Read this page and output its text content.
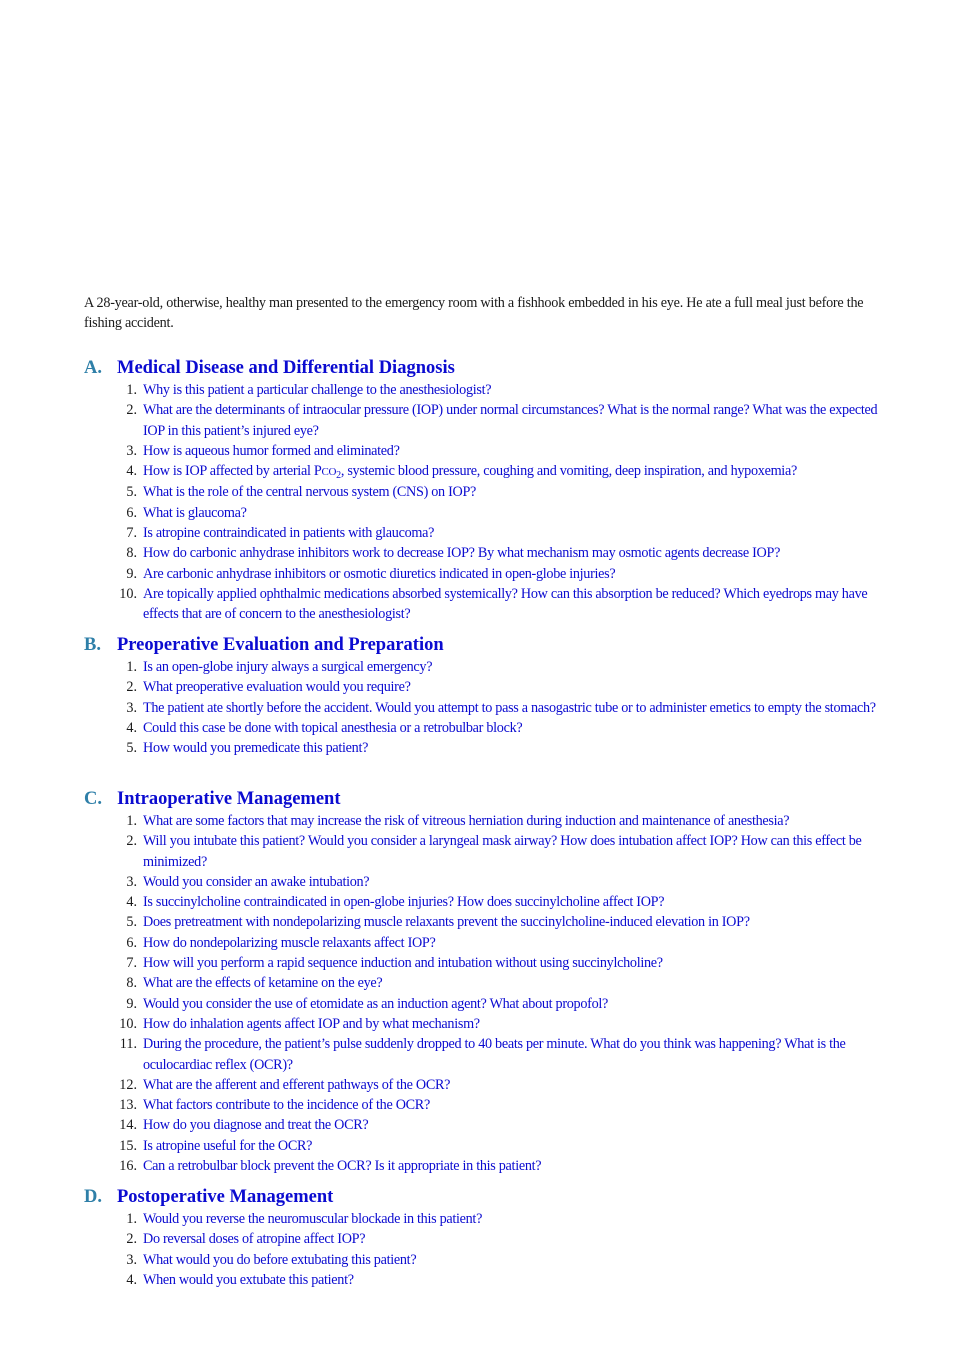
A 28-year-old, otherwise, healthy man presented to the emergency room with a fishhook embedded in his eye. He ate a full meal just before the fishing accident.

A. Medical Disease and Differential Diagnosis
1. Why is this patient a particular challenge to the anesthesiologist?
2. What are the determinants of intraocular pressure (IOP) under normal circumstances? What is the normal range? What was the expected IOP in this patient’s injured eye?
3. How is aqueous humor formed and eliminated?
4. How is IOP affected by arterial $PCO_2$, systemic blood pressure, coughing and vomiting, deep inspiration, and hypoxemia?
5. What is the role of the central nervous system (CNS) on IOP?
6. What is glaucoma?
7. Is atropine contraindicated in patients with glaucoma?
8. How do carbonic anhydrase inhibitors work to decrease IOP? By what mechanism may osmotic agents decrease IOP?
9. Are carbonic anhydrase inhibitors or osmotic diuretics indicated in open-globe injuries?
10. Are topically applied ophthalmic medications absorbed systemically? How can this absorption be reduced? Which eyedrops may have effects that are of concern to the anesthesiologist?
B. Preoperative Evaluation and Preparation
1. Is an open-globe injury always a surgical emergency?
2. What preoperative evaluation would you require?
3. The patient ate shortly before the accident. Would you attempt to pass a nasogastric tube or to administer emetics to empty the stomach?
4. Could this case be done with topical anesthesia or a retrobulbar block?
5. How would you premedicate this patient?
C. Intraoperative Management
1. What are some factors that may increase the risk of vitreous herniation during induction and maintenance of anesthesia?
2. Will you intubate this patient? Would you consider a laryngeal mask airway? How does intubation affect IOP? How can this effect be minimized?
3. Would you consider an awake intubation?
4. Is succinylcholine contraindicated in open-globe injuries? How does succinylcholine affect IOP?
5. Does pretreatment with nondepolarizing muscle relaxants prevent the succinylcholine-induced elevation in IOP?
6. How do nondepolarizing muscle relaxants affect IOP?
7. How will you perform a rapid sequence induction and intubation without using succinylcholine?
8. What are the effects of ketamine on the eye?
9. Would you consider the use of etomidate as an induction agent? What about propofol?
10. How do inhalation agents affect IOP and by what mechanism?
11. During the procedure, the patient’s pulse suddenly dropped to 40 beats per minute. What do you think was happening? What is the oculocardiac reflex (OCR)?
12. What are the afferent and efferent pathways of the OCR?
13. What factors contribute to the incidence of the OCR?
14. How do you diagnose and treat the OCR?
15. Is atropine useful for the OCR?
16. Can a retrobulbar block prevent the OCR? Is it appropriate in this patient?
D. Postoperative Management
1. Would you reverse the neuromuscular blockade in this patient?
2. Do reversal doses of atropine affect IOP?
3. What would you do before extubating this patient?
4. When would you extubate this patient?
